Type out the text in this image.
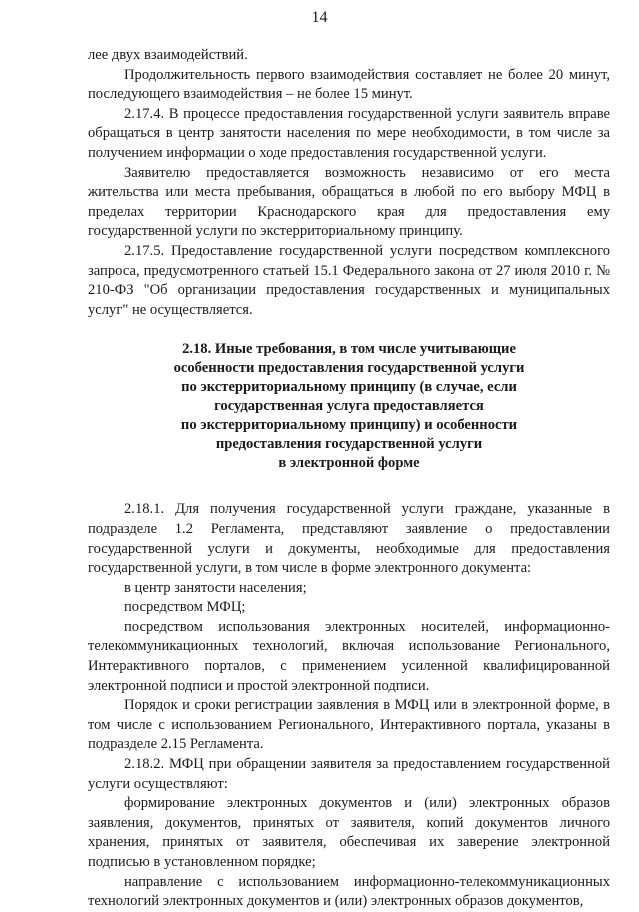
14

лее двух взаимодействий.

Продолжительность первого взаимодействия составляет не более 20 минут, последующего взаимодействия – не более 15 минут.

2.17.4. В процессе предоставления государственной услуги заявитель вправе обращаться в центр занятости населения по мере необходимости, в том числе за получением информации о ходе предоставления государственной услуги.

Заявителю предоставляется возможность независимо от его места жительства или места пребывания, обращаться в любой по его выбору МФЦ в пределах территории Краснодарского края для предоставления ему государственной услуги по экстерриториальному принципу.

2.17.5. Предоставление государственной услуги посредством комплексного запроса, предусмотренного статьей 15.1 Федерального закона от 27 июля 2010 г. № 210-ФЗ "Об организации предоставления государственных и муниципальных услуг" не осуществляется.

2.18. Иные требования, в том числе учитывающие
особенности предоставления государственной услуги
по экстерриториальному принципу (в случае, если
государственная услуга предоставляется
по экстерриториальному принципу) и особенности
предоставления государственной услуги
в электронной форме

2.18.1. Для получения государственной услуги граждане, указанные в подразделе 1.2 Регламента, представляют заявление о предоставлении государственной услуги и документы, необходимые для предоставления государственной услуги, в том числе в форме электронного документа:

в центр занятости населения;

посредством МФЦ;

посредством использования электронных носителей, информационно-телекоммуникационных технологий, включая использование Регионального, Интерактивного порталов, с применением усиленной квалифицированной электронной подписи и простой электронной подписи.

Порядок и сроки регистрации заявления в МФЦ или в электронной форме, в том числе с использованием Регионального, Интерактивного портала, указаны в подразделе 2.15 Регламента.

2.18.2. МФЦ при обращении заявителя за предоставлением государственной услуги осуществляют:

формирование электронных документов и (или) электронных образов заявления, документов, принятых от заявителя, копий документов личного хранения, принятых от заявителя, обеспечивая их заверение электронной подписью в установленном порядке;

направление с использованием информационно-телекоммуникационных технологий электронных документов и (или) электронных образов документов,
